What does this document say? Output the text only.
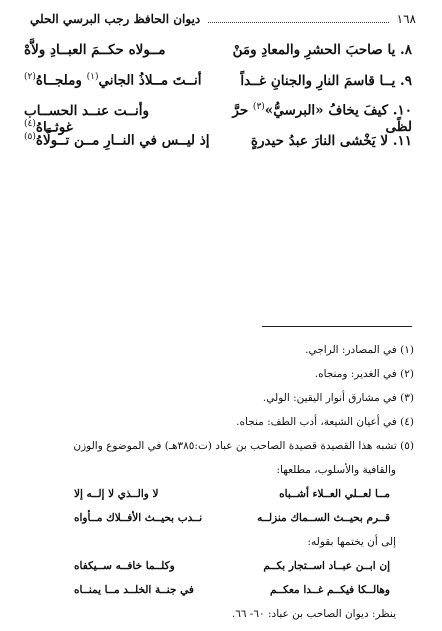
١٦٨
ديوان الحافظ رجب البرسي الحلي
٨. يا صاحبَ الحشرِ والمعادِ ومَنْ
مــولاه حكــمَ العبــادِ ولاَّهْ
٩. يــا قاسمَ النارِ والجنانِ غــداً
أنــتَ مــلاذُ الجاني$^{(١)}$ وملجــاهُ$^{(٢)}$
١٠. كيفَ يخافُ «البرسيُّ»$^{(٣)}$ حرَّ لظًى
وأنــت عنــد الحســاب غوثــاهُ$^{(٤)}$
١١. لا يَخْشى النارَ عبدُ حيدرةٍ
إذ ليــس في النــارِ مــن تــولَّاهُ$^{(٥)}$

(١) في المصادر: الراجي.

(٢) في الغدير: ومنجاه.

(٣) في مشارق أنوار اليقين: الولي.

(٤) في أعيان الشيعة، أدب الطف: منجاه.

(٥) تشبه هذا القصيدة قصيدة الصاحب بن عباد (ت:٣٨٥هـ) في الموضوع والوزن

والقافية والأسلوب، مطلعها:

مــا لعــلي العــلاء أشــباه
لا والــذي لا إلــه إلا
قــرم بحيــث الســماك منزلــه
نــدب بحيــث الأفــلاك مــأواه

إلى أن يختمها بقوله:

إن ابــن عبــاد اســتجار بكــم
وكلــما خافــه ســيكفاه
وهالــكا فيكــم غــدا معكــم
في جنــة الخلــد مــا يمنــاه

ينظر: ديوان الصاحب بن عباد: ٦٠- ٦٦.
